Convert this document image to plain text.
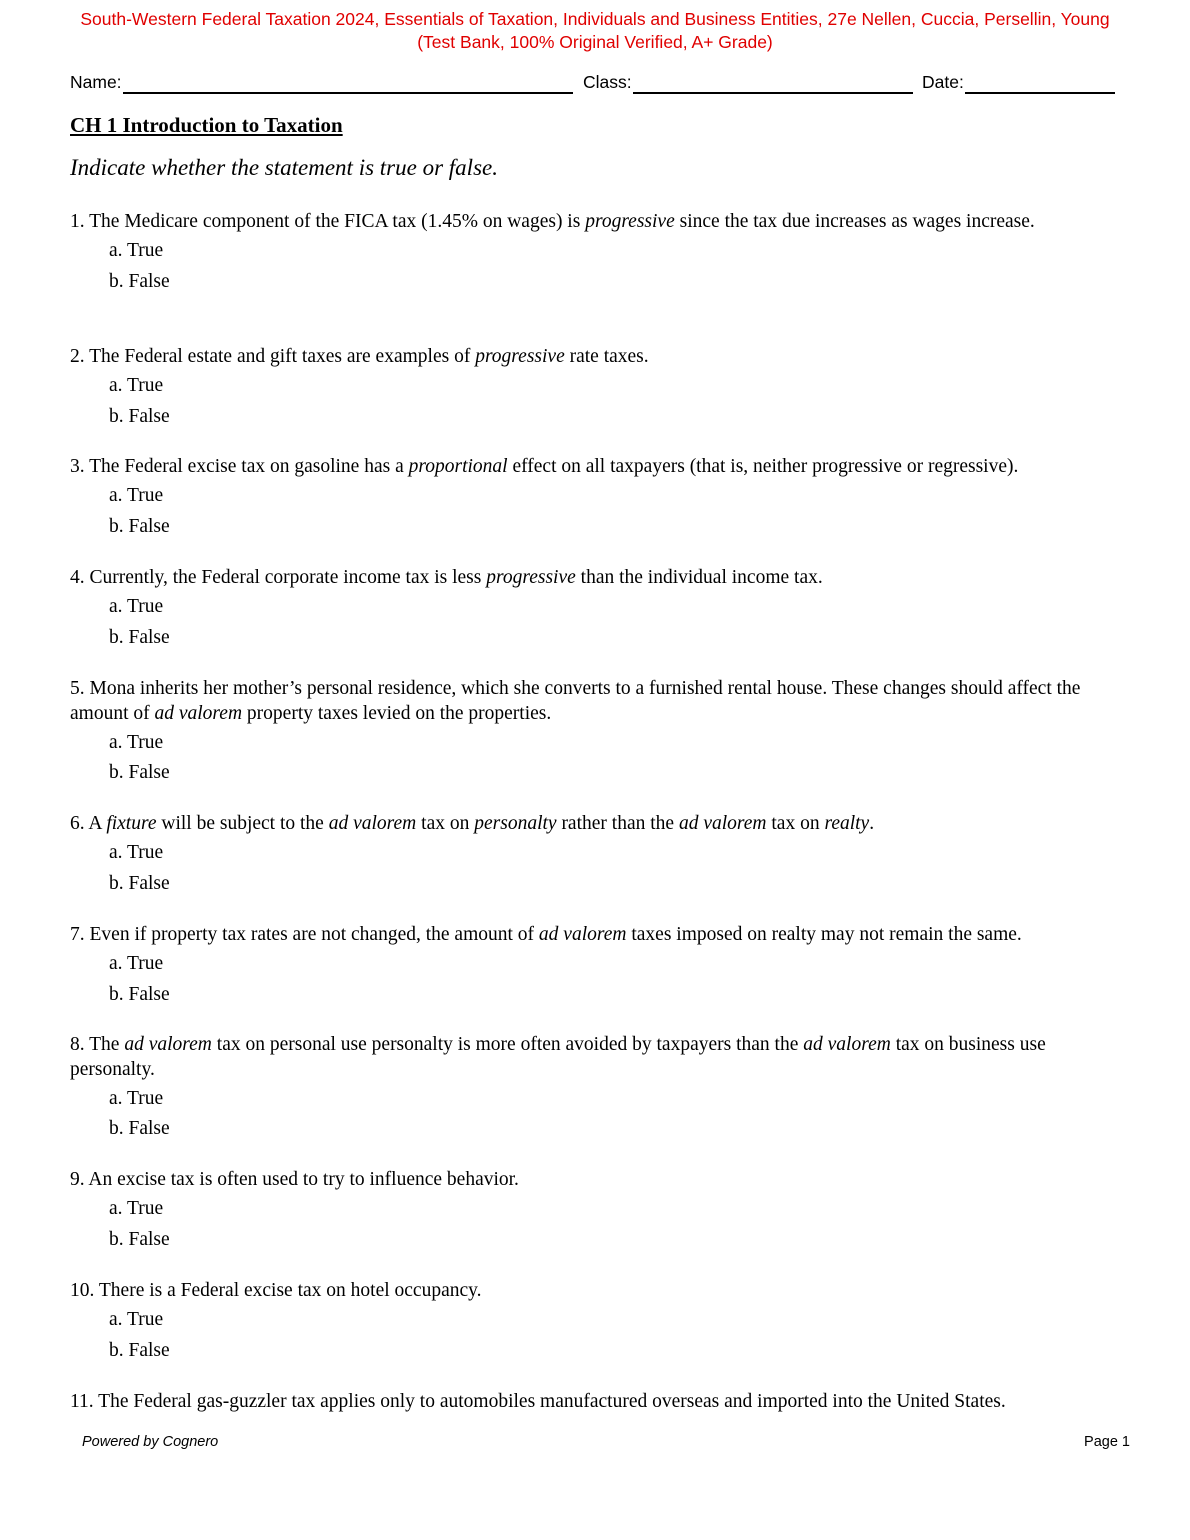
South-Western Federal Taxation 2024, Essentials of Taxation, Individuals and Business Entities, 27e Nellen, Cuccia, Persellin, Young
(Test Bank, 100% Original Verified, A+ Grade)
Name:	Class:	Date:
CH 1 Introduction to Taxation
Indicate whether the statement is true or false.

1. The Medicare component of the FICA tax (1.45% on wages) is progressive since the tax due increases as wages increase.

a. True
b. False

2. The Federal estate and gift taxes are examples of progressive rate taxes.

a. True
b. False

3. The Federal excise tax on gasoline has a proportional effect on all taxpayers (that is, neither progressive or regressive).

a. True
b. False

4. Currently, the Federal corporate income tax is less progressive than the individual income tax.

a. True
b. False

5. Mona inherits her mother’s personal residence, which she converts to a furnished rental house. These changes should affect the amount of ad valorem property taxes levied on the properties.

a. True
b. False

6. A fixture will be subject to the ad valorem tax on personalty rather than the ad valorem tax on realty.

a. True
b. False

7. Even if property tax rates are not changed, the amount of ad valorem taxes imposed on realty may not remain the same.

a. True
b. False

8. The ad valorem tax on personal use personalty is more often avoided by taxpayers than the ad valorem tax on business use personalty.

a. True
b. False

9. An excise tax is often used to try to influence behavior.

a. True
b. False

10. There is a Federal excise tax on hotel occupancy.

a. True
b. False

11. The Federal gas-guzzler tax applies only to automobiles manufactured overseas and imported into the United States.

Powered by Cognero	Page 1
